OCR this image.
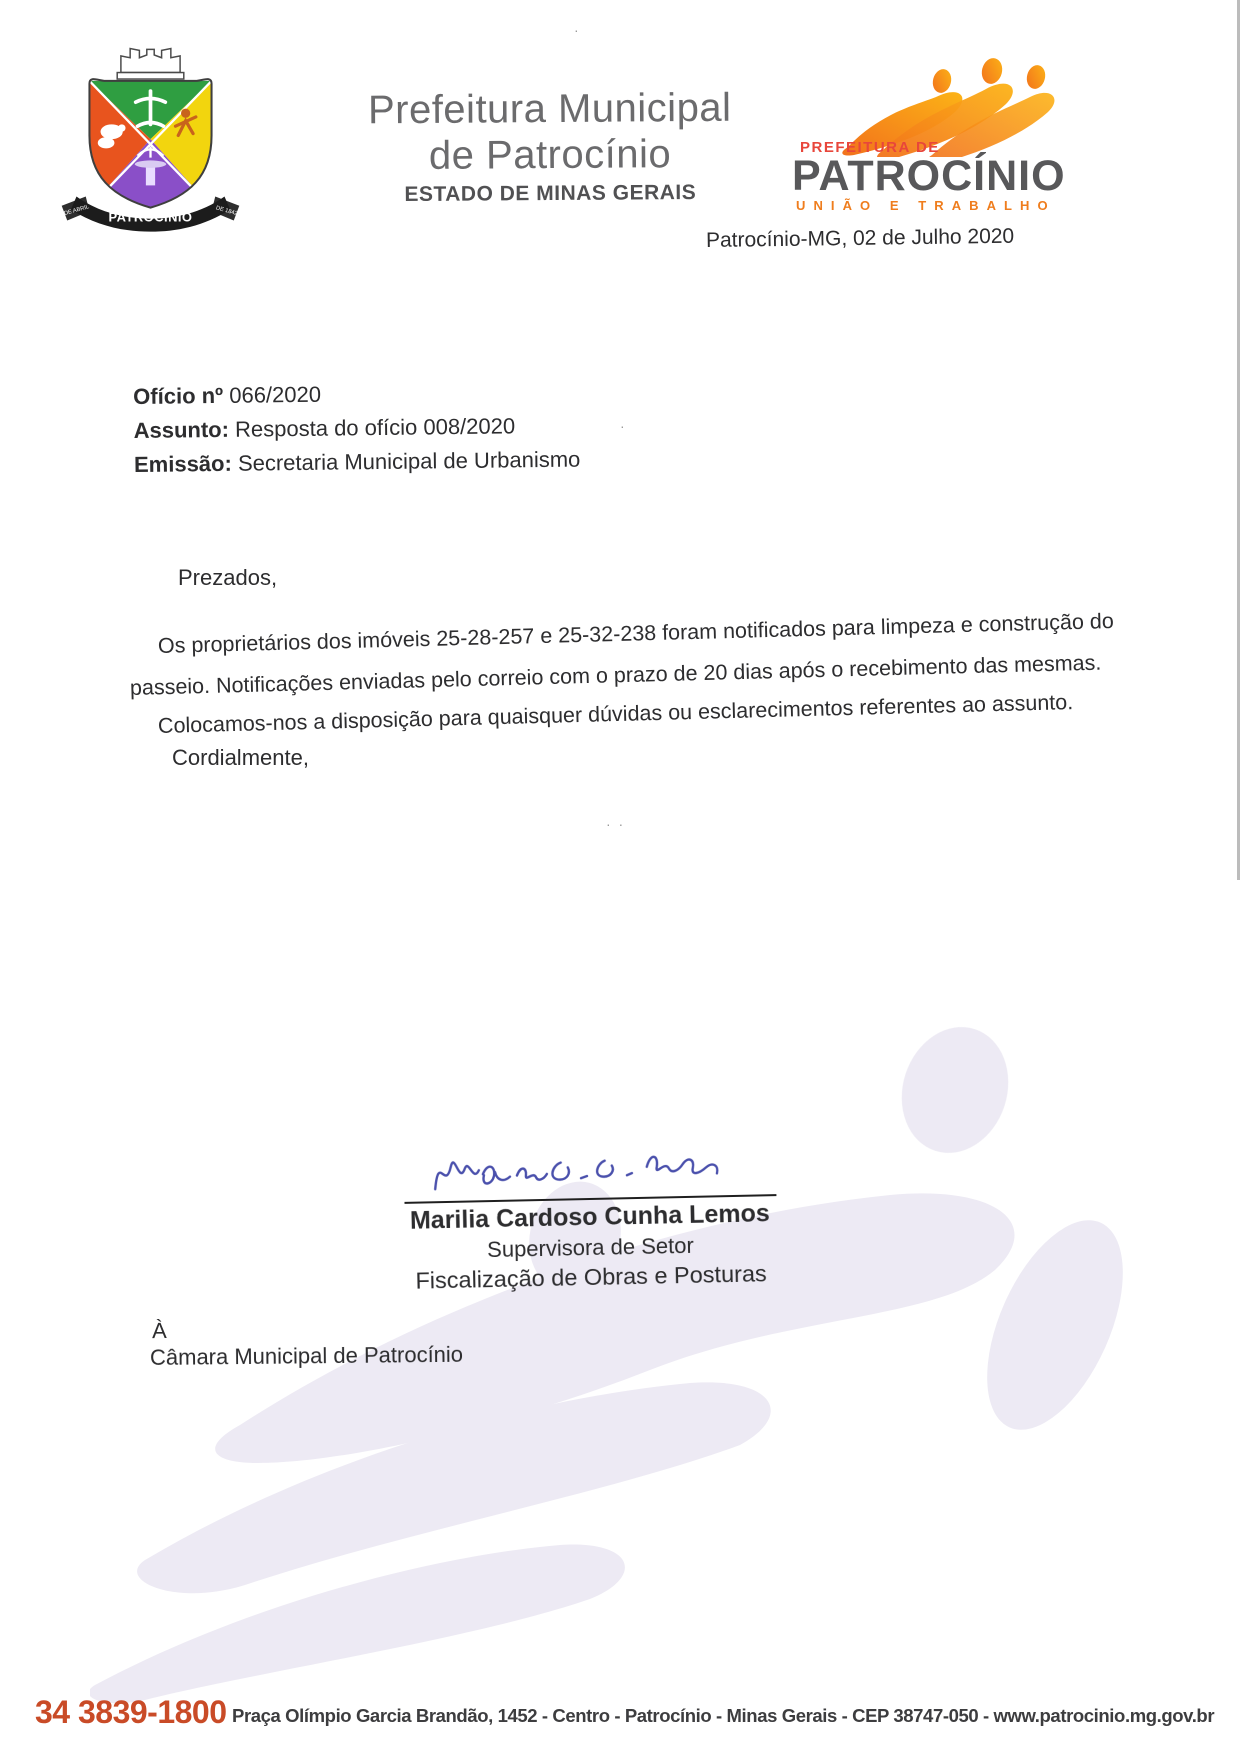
PATROCÍNIO
7 DE ABRIL	DE 1842
Prefeitura Municipal
de Patrocínio
ESTADO DE MINAS GERAIS
PREFEITURA DE
PATROCÍNIO
UNIÃO E TRABALHO
Patrocínio-MG, 02 de Julho 2020
Ofício nº 066/2020
Assunto: Resposta do ofício 008/2020
Emissão: Secretaria Municipal de Urbanismo
Prezados,
Os proprietários dos imóveis 25-28-257 e 25-32-238 foram notificados para limpeza e construção do
passeio. Notificações enviadas pelo correio com o prazo de 20 dias após o recebimento das mesmas.
Colocamos-nos a disposição para quaisquer dúvidas ou esclarecimentos referentes ao assunto.
Cordialmente,
Marilia Cardoso Cunha Lemos
Supervisora de Setor
Fiscalização de Obras e Posturas
À
Câmara Municipal de Patrocínio
34 3839-1800 Praça Olímpio Garcia Brandão, 1452 - Centro - Patrocínio - Minas Gerais - CEP 38747-050 - www.patrocinio.mg.gov.br
·
·
·  ·
